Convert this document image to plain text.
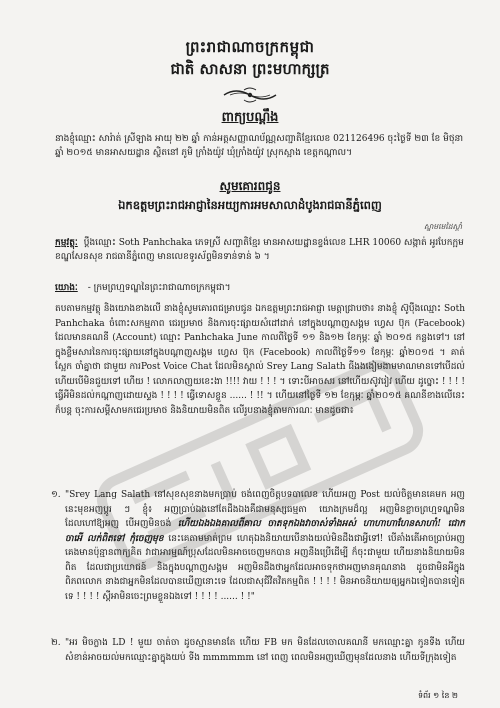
ព្រះរាជាណាចក្រកម្ពុជា
ជាតិ សាសនា ព្រះមហាក្សត្រ
ពាក្យបណ្ដឹង
នាងខ្ញុំឈ្មោះ សារ៉ាត់ ស្រីឡាង អាយុ ២២ ឆ្នាំ កាន់អត្តសញ្ញាណប័ណ្ណសញ្ជាតិខ្មែរលេខ 021126496 ចុះថ្ងៃទី ២៣ ខែ មិថុនា ឆ្នាំ ២០១៥ មានអាសយដ្ឋាន ស្ថិតនៅ ភូមិ ក្រាំងយ៉ូវ ឃុំក្រាំងយ៉ូវ ស្រុកស្អាង ខេត្តកណ្ដាល។
សូមគោរពជូន
ឯកឧត្ដមព្រះរាជអាជ្ញានៃអយ្យការអមសាលាដំបូងរាជធានីភ្នំពេញ
ស្នាមមេដៃស្ដាំ
កម្មវត្ថុៈ ប្ដឹងឈ្មោះ Soth Panhchaka ភេទស្រី សញ្ជាតិខ្មែរ មានអាសយដ្ឋានខ្ទង់លេខ LHR 10060 សង្កាត់ អូរបែកក្អម ខណ្ឌសែនសុខ រាជធានីភ្នំពេញ មានលេខទូរស័ព្ទមិនទាន់ទាន់ ៦ ។
យោងៈ - ក្រមព្រហ្មទណ្ឌនៃព្រះរាជាណាចក្រកម្ពុជា។
តបតាមកម្មវត្ថុ និងយោងខាងលើ នាងខ្ញុំសូមគោរពជម្រាបជូន ឯកឧត្ដមព្រះរាជអាជ្ញា មេត្តាជ្រាបថា៖ នាងខ្ញុំ ស៊ូប៉ឹងឈ្មោះ Soth Panhchaka ចំពោះសកម្មភាព ជេរប្រមាថ និងការចុះផ្សាយសំដៅដាក់ នៅក្នុងបណ្ដាញសង្គម ហ្វេស ប៊ុក (Facebook) ដែលមានគណនី (Account) ឈ្មោះ Panhchaka June កាលពីថ្ងៃទី ១១ និង១២ ខែកុម្ភៈ ឆ្នាំ ២០១៥ កន្លងទៅ។ នៅក្នុងខ្លឹមសារនៃការចុះផ្សាយនៅក្នុងបណ្ដាញសង្គម ហ្វេស ប៊ុក (Facebook) កាលពីថ្ងៃទី១១ ខែកុម្ភៈ ឆ្នាំ២០១៥ ។ គាត់ ស្អែក ចាំគ្នាថា ជាមួយ ការPost Voice Chat ដែលមិនស្គាល់ Srey Lang Salath ធីងងងៀមងាមមាណមានទៅបើដល់ ហើយបើមិនជួយទៅ ហើយ ! លោកលាញយខេះងា !!!! វាយ ! ! ! ។ ទោះបីអាចសរ នៅហើយស៊ូវរៀវ ហើយ ដូច្នោះ ! ! ! ! ធ្វើអីមិនដល់កណ្ដាញដោយស្ទង ! ! ! ! ធ្វើទោសខ្លួន ...... ! !! ។ ហើយនៅថ្ងៃទី ១២ ខែកុម្ភៈ ឆ្នាំ២០១៥ គណនីខាងលើនេះក៏បន្ត ចុះការសម្ដីសាមកជេរប្រមាថ និងនិយាយមិនពិត លើរូបនាងខ្ញុំតាមការណៈ មានដូចជា៖
១. "Srey Lang Salath នៅសុខសុខនាងមកប្រាប់ ចង់ពេញចិត្តបទបាលេខ ហើយអញ Post យល់ចិត្តមានគេមក អញ នេះមុខអញប្ដូរ ៗ ខ្ញុំ៖ អញប្រាប់ឯងនៅតែដឹងឯងគឺជាមនុស្សធម្មតា យោងក្រមដ៏ល្អ អញមិនខ្លាចព្រហ្មទណ្ឌមិន ដែលហៅឱ្យអញ បើអញមិនចង់ ហើយឯងឯងគាលពីគាល ចាតទុកឯងវាចាស់ទាំងអស់ ហាហាហាហែនសាហាំ! ជោក ចាអើ លក់ពិតទៅ កុំចេញមុខ នេះគេតាមមាត់ព្រម ហេតុឯងនិយាយបើនាងយល់មិនដឹងជាអ្វីទៅ! បើគាំងតើអាចប្រាប់អញគេងមានប៉ុន្មានពាក្យគិត វាជាអារម្មណ៍ប្រុសដែលមិនអាចចេញមកបាន អញនឹងប្រើដើម្បី ក៏ចុះជាមួយ ហើយនាងនិយាយមិនពិត ដែលជាប្រយោជន៍ និងក្នុងបណ្ដាញសង្គម អញមិនដឹងថាអ្នកដែលអាចទុកថាអញមានគុណនាង ដូចជាមិនអីក្នុងពិភពលោក នាងជាអ្នកមិនដែលបានឃើញនោះទេ ដែលជាសុជីវិតវិតកម្មពិត ! ! ! ! មិនអាចនិយាយឲ្យអ្នកឯទៀតបានទៀតទេ ! ! ! ! ស្ដីអាមិនចេះព្រមខ្លួនឯងទៅ ! ! ! ! ...... ! !"
២. "អរ មិចក្លាង LD ! មួយ ចាត់ចា ដូចស្មានមានតែ ហើយ FB មក មិនដែលចោលគណនី មកឈ្មោះគ្នា កូនទីង ហើយ សំខាន់អាចយល់មកឈ្មោះគ្នាក្នុងយប់ ទីង mmmmmm នៅ ពេញ ពេលមិនអញឃើញមុនដែលនាង ហើយទីក្រុងទៀត
ទំព័រ ១ នៃ ២
